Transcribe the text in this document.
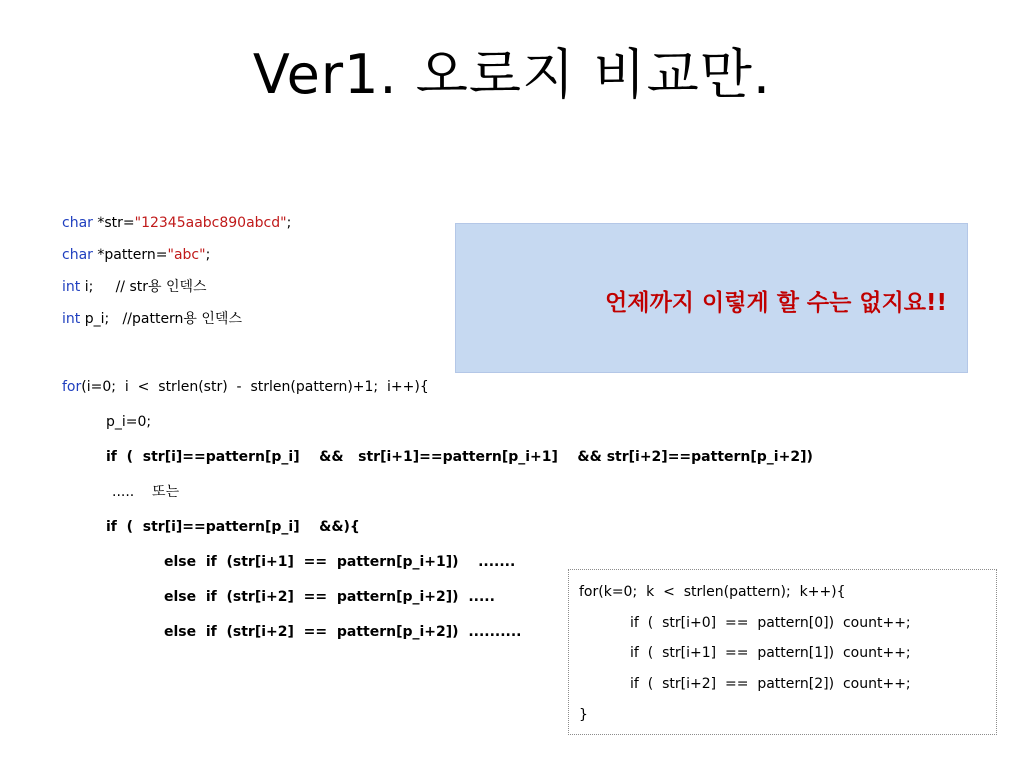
Ver1. 오로지 비교만.
char *str="12345aabc890abcd";
char *pattern="abc";
int i;     // str용 인덱스
int p_i;   //pattern용 인덱스
for(i=0;  i  <  strlen(str)  -  strlen(pattern)+1;  i++){
p_i=0;
if  (  str[i]==pattern[p_i]    &&   str[i+1]==pattern[p_i+1]    && str[i+2]==pattern[p_i+2])
.....    또는
if  (  str[i]==pattern[p_i]    &&){
else  if  (str[i+1]  ==  pattern[p_i+1])    .......
else  if  (str[i+2]  ==  pattern[p_i+2])  .....
else  if  (str[i+2]  ==  pattern[p_i+2])  ..........
언제까지 이렇게 할 수는 없지요!!
for(k=0;  k  <  strlen(pattern);  k++){
if  (  str[i+0]  ==  pattern[0])  count++;
if  (  str[i+1]  ==  pattern[1])  count++;
if  (  str[i+2]  ==  pattern[2])  count++;
}
